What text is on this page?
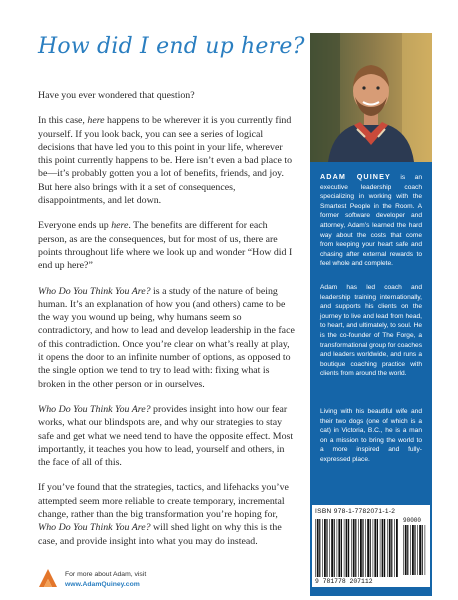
How did I end up here?

Have you ever wondered that question?

In this case, here happens to be wherever it is you currently find yourself. If you look back, you can see a series of logical decisions that have led you to this point in your life, wherever this point currently happens to be. Here isn’t even a bad place to be—it’s probably gotten you a lot of benefits, friends, and joy. But here also brings with it a set of consequences, disappointments, and let down.

Everyone ends up here. The benefits are different for each person, as are the consequences, but for most of us, there are points throughout life where we look up and wonder “How did I end up here?”

Who Do You Think You Are? is a study of the nature of being human. It’s an explanation of how you (and others) came to be the way you wound up being, why humans seem so contradictory, and how to lead and develop leadership in the face of this contradiction. Once you’re clear on what’s really at play, it opens the door to an infinite number of options, as opposed to the single option we tend to try to lead with: fixing what is broken in the other person or in ourselves.

Who Do You Think You Are? provides insight into how our fear works, what our blindspots are, and why our strategies to stay safe and get what we need tend to have the opposite effect. Most importantly, it teaches you how to lead, yourself and others, in the face of all of this.

If you’ve found that the strategies, tactics, and lifehacks you’ve attempted seem more reliable to create temporary, incremental change, rather than the big transformation you’re hoping for, Who Do You Think You Are? will shed light on why this is the case, and provide insight into what you may do instead.

ADAM QUINEY is an executive leadership coach specializing in working with the Smartest People in the Room. A former software developer and attorney, Adam’s learned the hard way about the costs that come from keeping your heart safe and chasing after external rewards to feel whole and complete.

Adam has led coach and leadership training internationally, and supports his clients on the journey to live and lead from head, to heart, and ultimately, to soul. He is the co-founder of The Forge, a transformational group for coaches and leaders worldwide, and runs a boutique coaching practice with clients from around the world.

Living with his beautiful wife and their two dogs (one of which is a cat) in Victoria, B.C., he is a man on a mission to bring the world to a more inspired and fully-expressed place.

ISBN 978-1-7782071-1-2
9 781778 207112
90000
For more about Adam, visit
www.AdamQuiney.com
